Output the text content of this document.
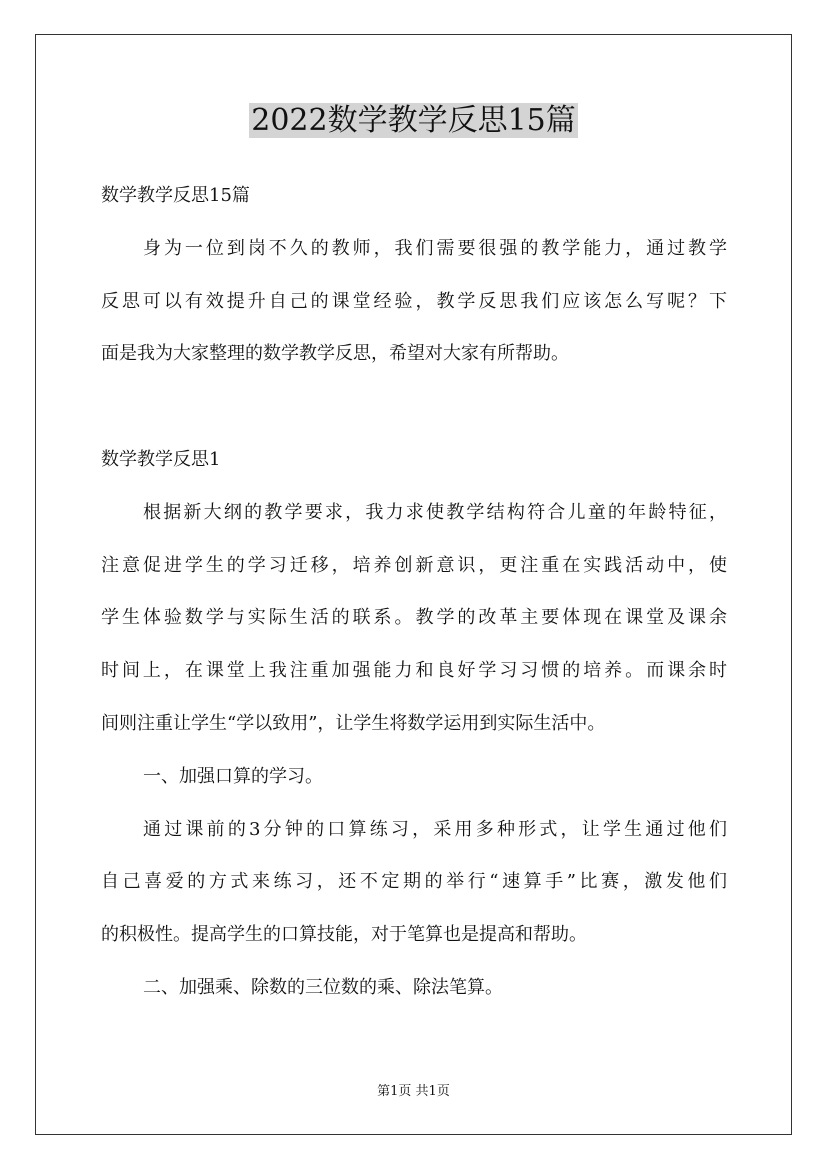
2022数学教学反思15篇
数学教学反思15篇
身为一位到岗不久的教师，我们需要很强的教学能力，通过教学
反思可以有效提升自己的课堂经验，教学反思我们应该怎么写呢？下
面是我为大家整理的数学教学反思，希望对大家有所帮助。
数学教学反思1
根据新大纲的教学要求，我力求使教学结构符合儿童的年龄特征，
注意促进学生的学习迁移，培养创新意识，更注重在实践活动中，使
学生体验数学与实际生活的联系。教学的改革主要体现在课堂及课余
时间上，在课堂上我注重加强能力和良好学习习惯的培养。而课余时
间则注重让学生“学以致用”，让学生将数学运用到实际生活中。
一、加强口算的学习。
通过课前的3分钟的口算练习，采用多种形式，让学生通过他们
自己喜爱的方式来练习，还不定期的举行“速算手”比赛，激发他们
的积极性。提高学生的口算技能，对于笔算也是提高和帮助。
二、加强乘、除数的三位数的乘、除法笔算。
第1页 共1页
